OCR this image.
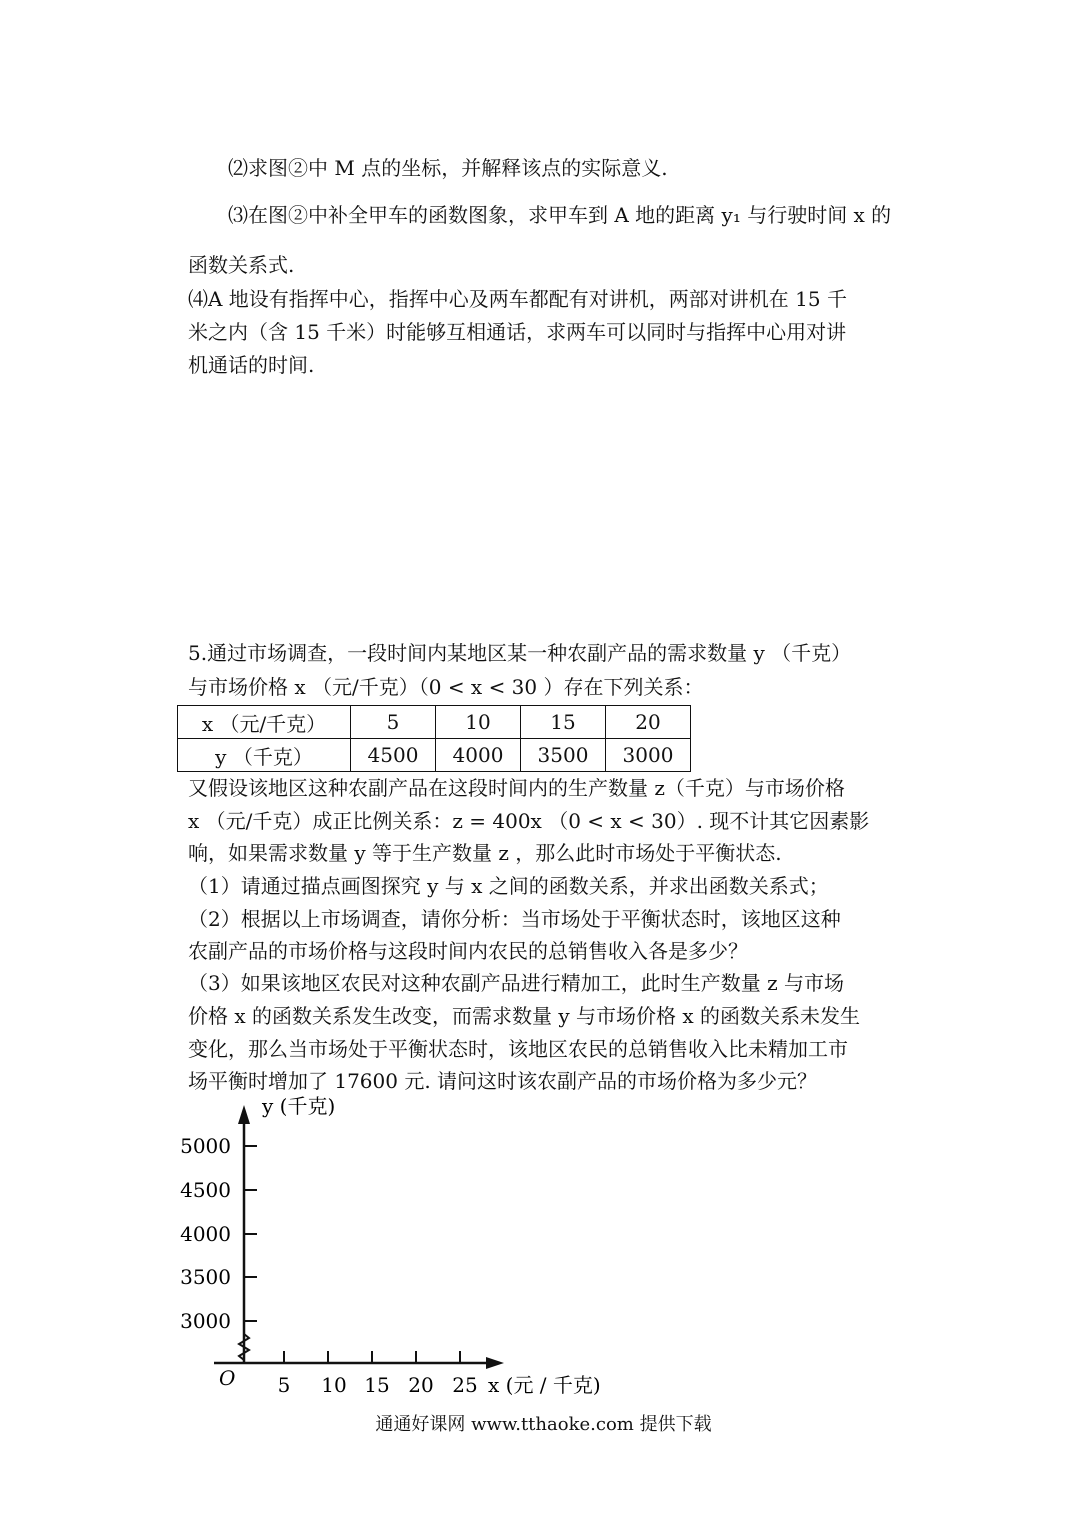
⑵求图②中 M 点的坐标，并解释该点的实际意义.
⑶在图②中补全甲车的函数图象，求甲车到 A 地的距离 y₁ 与行驶时间 x 的
函数关系式.
⑷A 地设有指挥中心，指挥中心及两车都配有对讲机，两部对讲机在 15 千
米之内（含 15 千米）时能够互相通话，求两车可以同时与指挥中心用对讲
机通话的时间.
5.通过市场调查，一段时间内某地区某一种农副产品的需求数量 y （千克）
与市场价格 x （元/千克）（0 < x < 30 ）存在下列关系：
x （元/千克）	5	10	15	20
y （千克）	4500	4000	3500	3000
又假设该地区这种农副产品在这段时间内的生产数量 z（千克）与市场价格
x （元/千克）成正比例关系：z = 400x （0 < x < 30）. 现不计其它因素影
响，如果需求数量 y 等于生产数量 z ，那么此时市场处于平衡状态.
（1）请通过描点画图探究 y 与 x 之间的函数关系，并求出函数关系式；
（2）根据以上市场调查，请你分析：当市场处于平衡状态时，该地区这种
农副产品的市场价格与这段时间内农民的总销售收入各是多少？
（3）如果该地区农民对这种农副产品进行精加工，此时生产数量 z 与市场
价格 x 的函数关系发生改变，而需求数量 y 与市场价格 x 的函数关系未发生
变化，那么当市场处于平衡状态时，该地区农民的总销售收入比未精加工市
场平衡时增加了 17600 元. 请问这时该农副产品的市场价格为多少元？
y (千克)
x (元 / 千克)
O
5000
4500
4000
3500
3000
5 10 15 20 25
通通好课网 www.tthaoke.com 提供下载
